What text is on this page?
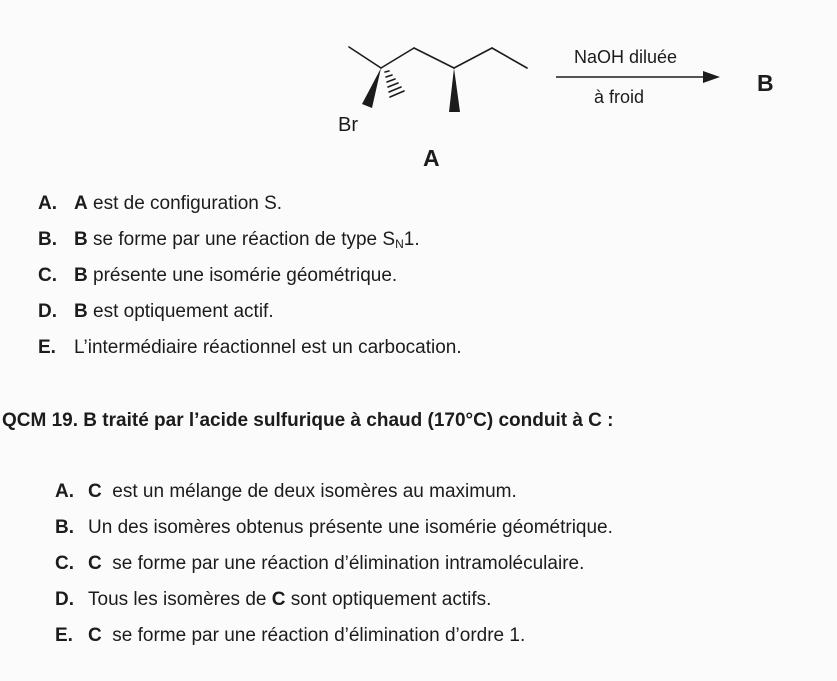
Br
A
NaOH diluée
à froid
B
A. A est de configuration S.
B. B se forme par une réaction de type $S_N1$.
C. B présente une isomérie géométrique.
D. B est optiquement actif.
E. L’intermédiaire réactionnel est un carbocation.
QCM 19. B traité par l’acide sulfurique à chaud (170°C) conduit à C :
A. C  est un mélange de deux isomères au maximum.
B. Un des isomères obtenus présente une isomérie géométrique.
C. C  se forme par une réaction d’élimination intramoléculaire.
D. Tous les isomères de C sont optiquement actifs.
E. C  se forme par une réaction d’élimination d’ordre 1.
